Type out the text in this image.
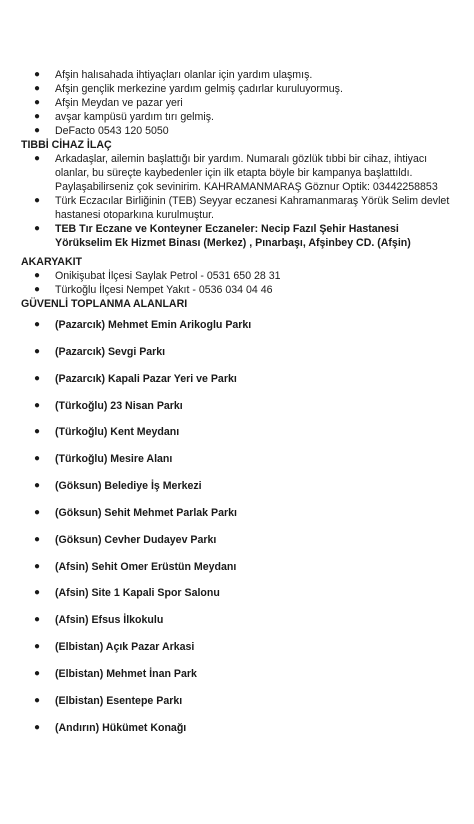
● Afşin halısahada ihtiyaçları olanlar için yardım ulaşmış.
● Afşin gençlik merkezine yardım gelmiş çadırlar kuruluyormuş.
● Afşin Meydan ve pazar yeri
● avşar kampüsü yardım tırı gelmiş.
● DeFacto 0543 120 5050
TIBBİ CİHAZ İLAÇ
● Arkadaşlar, ailemin başlattığı bir yardım. Numaralı gözlük tıbbi bir cihaz, ihtiyacı
olanlar, bu süreçte kaybedenler için ilk etapta böyle bir kampanya başlattıldı.
Paylaşabilirseniz çok sevinirim. KAHRAMANMARAŞ Göznur Optik: 03442258853
● Türk Eczacılar Birliğinin (TEB) Seyyar eczanesi Kahramanmaraş Yörük Selim devlet
hastanesi otoparkına kurulmuştur.
● TEB Tır Eczane ve Konteyner Eczaneler: Necip Fazıl Şehir Hastanesi
Yörükselim Ek Hizmet Binası (Merkez) , Pınarbaşı, Afşinbey CD. (Afşin)
AKARYAKIT
● Onikişubat İlçesi Saylak Petrol - 0531 650 28 31
● Türkoğlu İlçesi Nempet Yakıt - 0536 034 04 46
GÜVENLİ TOPLANMA ALANLARI
● (Pazarcık) Mehmet Emin Arikoglu Parkı
● (Pazarcık) Sevgi Parkı
● (Pazarcık) Kapali Pazar Yeri ve Parkı
● (Türkoğlu) 23 Nisan Parkı
● (Türkoğlu) Kent Meydanı
● (Türkoğlu) Mesire Alanı
● (Göksun) Belediye İş Merkezi
● (Göksun) Sehit Mehmet Parlak Parkı
● (Göksun) Cevher Dudayev Parkı
● (Afsin) Sehit Omer Erüstün Meydanı
● (Afsin) Site 1 Kapali Spor Salonu
● (Afsin) Efsus İlkokulu
● (Elbistan) Açık Pazar Arkasi
● (Elbistan) Mehmet İnan Park
● (Elbistan) Esentepe Parkı
● (Andırın) Hükümet Konağı
